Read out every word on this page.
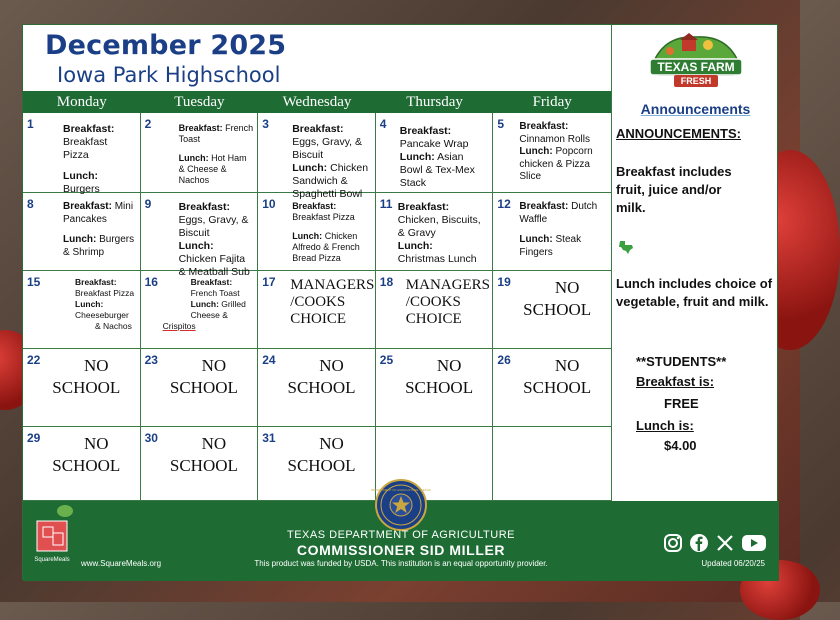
December 2025
Iowa Park Highschool
Monday	Tuesday	Wednesday	Thursday	Friday
1	Breakfast:
Breakfast Pizza
Lunch: Burgers
2	Breakfast: French Toast
Lunch: Hot Ham & Cheese & Nachos
3 Breakfast: Eggs, Gravy, & Biscuit
Lunch: Chicken Sandwich & Spaghetti Bowl
4 Breakfast:
Pancake Wrap
Lunch: Asian Bowl & Tex-Mex Stack
5 Breakfast:
Cinnamon Rolls
Lunch: Popcorn chicken & Pizza Slice
8	Breakfast: Mini Pancakes
Lunch: Burgers & Shrimp
9	Breakfast: Eggs, Gravy, & Biscuit
Lunch: Chicken Fajita & Meatball Sub
10 Breakfast:
Breakfast Pizza
Lunch: Chicken Alfredo & French Bread Pizza
11 Breakfast:
Chicken, Biscuits, & Gravy
Lunch:
Christmas Lunch
12 Breakfast: Dutch Waffle
Lunch: Steak Fingers
15	Breakfast:
Breakfast Pizza
Lunch:
Cheeseburger
& Nachos
16	Breakfast:
French Toast
Lunch: Grilled Cheese &
Crispitos
17 MANAGERS /COOKS CHOICE
18 MANAGERS /COOKS CHOICE
19	NO
SCHOOL
22	NO
SCHOOL
23	NO
SCHOOL
24	NO
SCHOOL
25	NO
SCHOOL
26	NO
SCHOOL
29	NO
SCHOOL
30	NO
SCHOOL
31	NO
SCHOOL
TEXAS FARM
FRESH
Announcements
ANNOUNCEMENTS:
Breakfast includes fruit, juice and/or milk.
Lunch includes choice of vegetable, fruit and milk.
**STUDENTS**
Breakfast is:
FREE
Lunch is:
$4.00
SquareMeals www.SquareMeals.org
DEPARTMENT OF AGRICULTURE · TEXAS
TEXAS DEPARTMENT OF AGRICULTURE
COMMISSIONER SID MILLER
This product was funded by USDA. This institution is an equal opportunity provider.	Updated 06/20/25
